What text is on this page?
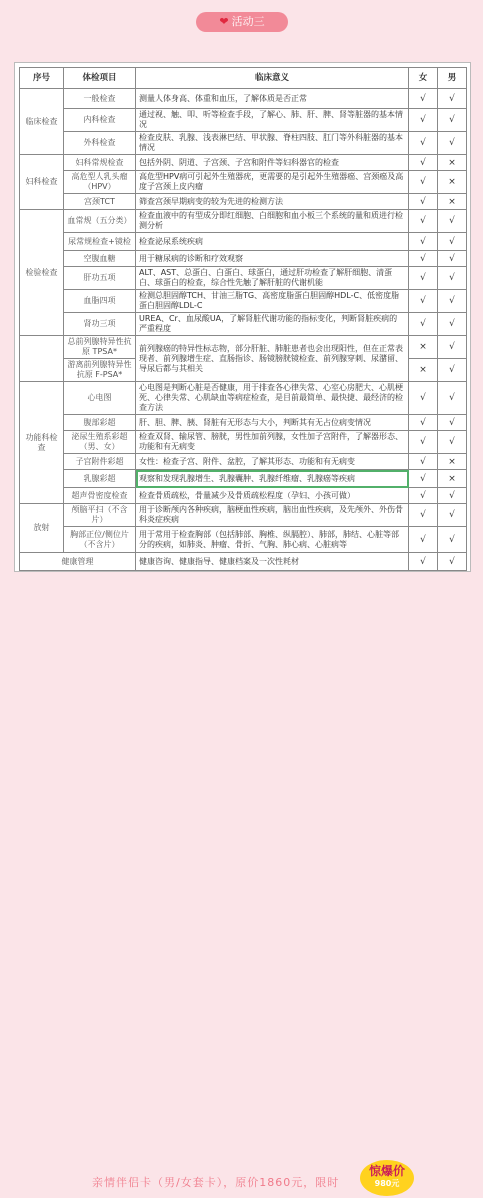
❤ 活动三
序号	体检项目	临床意义	女	男
临床检查	一般检查	测量人体身高、体重和血压，了解体质是否正常	√	√
	内科检查	通过视、触、叩、听等检查手段，了解心、肺、肝、脾、肾等脏器的基本情况	√	√
	外科检查	检查皮肤、乳腺、浅表淋巴结、甲状腺、脊柱四肢、肛门等外科脏器的基本情况	√	√
妇科检查	妇科常规检查	包括外阴、阴道、子宫颈、子宫和附件等妇科器官的检查	√	×
	高危型人乳头瘤（HPV）	高危型HPV病可引起外生殖器疣，更需要的是引起外生殖器癌、宫颈癌及高度子宫颈上皮内瘤	√	×
	宫颈TCT	筛查宫颈早期病变的较为先进的检测方法	√	×
检验检查	血常规（五分类）	检查血液中的有型成分即红细胞、白细胞和血小板三个系统的量和质进行检测分析	√	√
	尿常规检查+镜检	检查泌尿系统疾病	√	√
	空腹血糖	用于糖尿病的诊断和疗效观察	√	√
	肝功五项	ALT、AST、总蛋白、白蛋白、球蛋白，通过肝功检查了解肝细胞、清蛋白、球蛋白的检查，综合性先触了解肝脏的代谢机能	√	√
	血脂四项	检测总胆固醇TCH、甘油三脂TG、高密度脂蛋白胆固醇HDL-C、低密度脂蛋白胆固醇LDL-C	√	√
	肾功三项	UREA、Cr、血尿酸UA，了解肾脏代谢功能的指标变化，判断肾脏疾病的严重程度	√	√
	总前列腺特异性抗原 TPSA*	前列腺癌的特异性标志物，部分肝脏、肺脏患者也会出现阳性，但在正常表现者、前列腺增生症、直肠指诊、肠镜膀胱镜检查、前列腺穿刺、尿潴留、导尿后都与其相关	×	√
	游离前列腺特异性抗原 F-PSA*		×	√
功能科检查	心电图	心电图是判断心脏是否健康，用于排查各心律失常、心室心房肥大、心肌梗死、心律失常、心肌缺血等病症检查，是目前最简单、最快捷、最经济的检查方法	√	√
	腹部彩超	肝、胆、脾、胰、肾脏有无形态与大小，判断其有无占位病变情况	√	√
	泌尿生殖系彩超（男、女）	检查双肾、输尿管、膀胱，男性加前列腺，女性加子宫附件，了解器形态、功能和有无病变	√	√
	子宫附件彩超	女性：检查子宫、附件、盆腔，了解其形态、功能和有无病变	√	×
	乳腺彩超	观察和发现乳腺增生、乳腺囊肿、乳腺纤维瘤、乳腺癌等疾病	√	×
	超声骨密度检查	检查骨质疏松，骨量减少及骨质疏松程度（孕妇、小孩可做）	√	√
放射	颅脑平扫（不含片）	用于诊断颅内各种疾病，脑梗血性疾病，脑出血性疾病，及先颅外、外伤骨科炎症疾病	√	√
	胸部正位/侧位片（不含片）	用于常用于检查胸部（包括肺部、胸椎、纵膈腔）、肺部，肺结、心脏等部分的疾病，如肺炎、肿瘤、骨折、气胸、肺心病、心脏病等	√	√
健康管理		健康咨询、健康指导、健康档案及一次性耗材	√	√
亲情伴侣卡（男/女套卡），原价1860元，限时
惊爆价
980元
